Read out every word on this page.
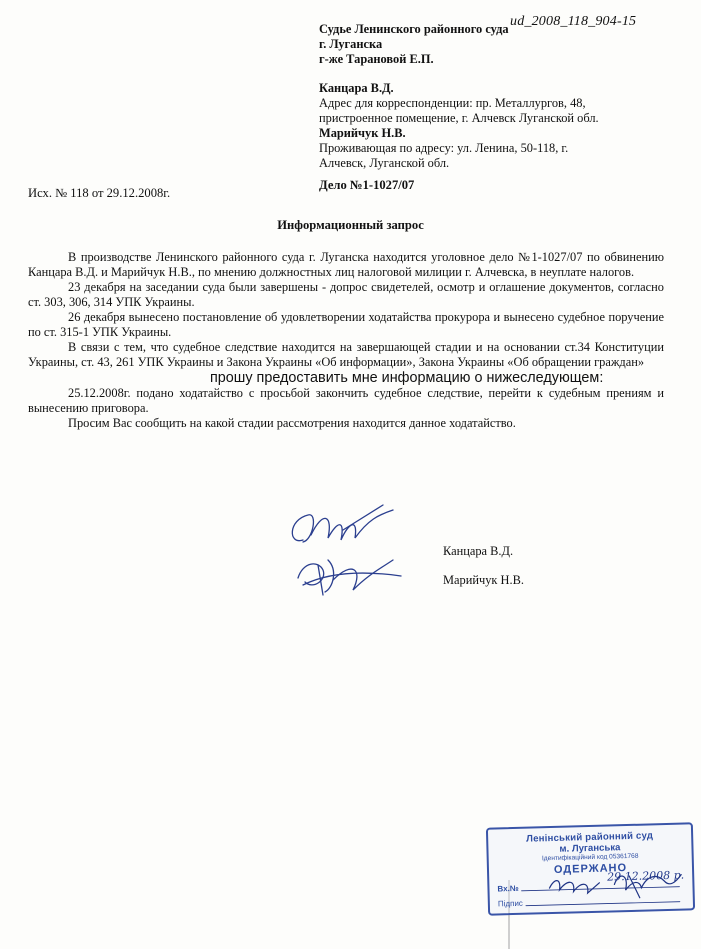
ud_2008_118_904-15
Судье Ленинского районного суда
г. Луганска
г-же Тарановой Е.П.
Канцара В.Д.
Адрес для корреспонденции: пр. Металлургов, 48,
пристроенное помещение, г. Алчевск Луганской обл.
Марийчук Н.В.
Проживающая по адресу: ул. Ленина, 50-118, г.
Алчевск, Луганской обл.
Дело №1-1027/07
Исх. № 118 от 29.12.2008г.
Информационный запрос

В производстве Ленинского районного суда г. Луганска находится уголовное дело №1-1027/07 по обвинению Канцара В.Д. и Марийчук Н.В., по мнению должностных лиц налоговой милиции г. Алчевска, в неуплате налогов.

23 декабря на заседании суда были завершены - допрос свидетелей, осмотр и оглашение документов, согласно ст. 303, 306, 314 УПК Украины.

26 декабря вынесено постановление об удовлетворении ходатайства прокурора и вынесено судебное поручение по ст. 315-1 УПК Украины.

В связи с тем, что судебное следствие находится на завершающей стадии и на основании ст.34 Конституции Украины, ст. 43, 261 УПК Украины и Закона Украины «Об информации», Закона Украины «Об обращении граждан»

прошу предоставить мне информацию о нижеследующем:

25.12.2008г. подано ходатайство с просьбой закончить судебное следствие, перейти к судебным прениям и вынесению приговора.

Просим Вас сообщить на какой стадии рассмотрения находится данное ходатайство.

Канцара В.Д.
Марийчук Н.В.
Ленінський районний суд
м. Луганська
Ідентифікаційний код 05361768
ОДЕРЖАНО
29.12.2008 р.
Вх.№
Підпис
